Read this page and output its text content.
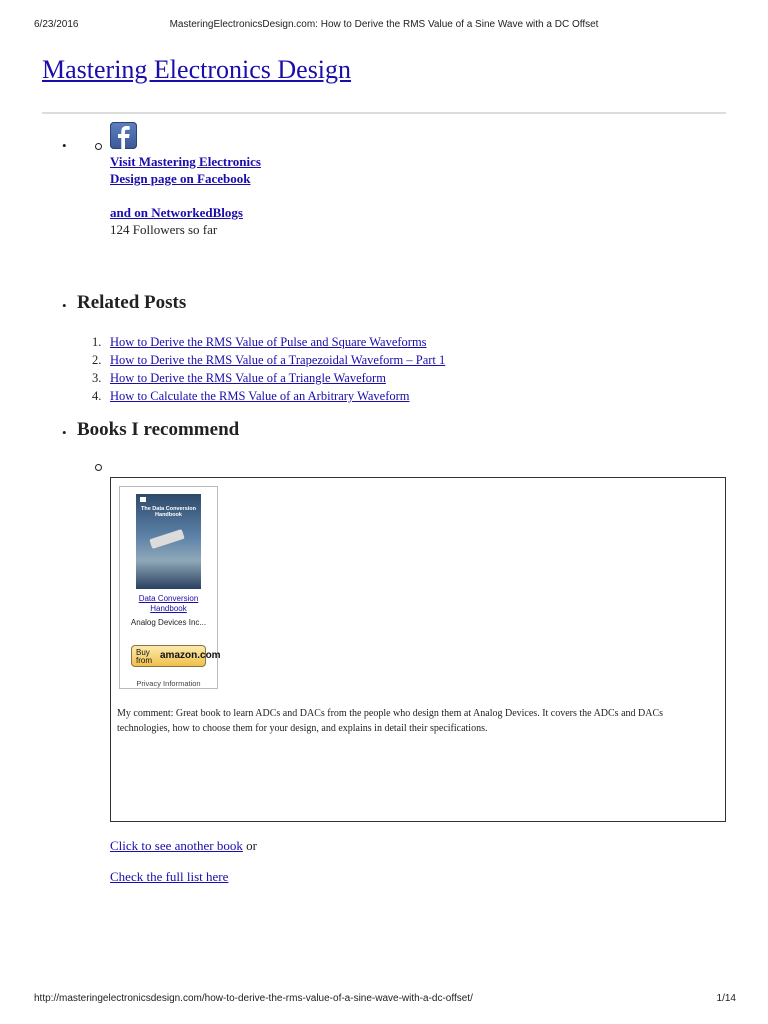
6/23/2016	MasteringElectronicsDesign.com: How to Derive the RMS Value of a Sine Wave with a DC Offset
Mastering Electronics Design
•
Visit Mastering Electronics Design page on Facebook
and on NetworkedBlogs
124 Followers so far
• Related Posts
1. How to Derive the RMS Value of Pulse and Square Waveforms
2. How to Derive the RMS Value of a Trapezoidal Waveform – Part 1
3. How to Derive the RMS Value of a Triangle Waveform
4. How to Calculate the RMS Value of an Arbitrary Waveform
• Books I recommend
The Data Conversion Handbook
Data Conversion Handbook
Analog Devices Inc...
Buy
from amazon.com
Privacy Information
My comment: Great book to learn ADCs and DACs from the people who design them at Analog Devices. It covers the ADCs and DACs technologies, how to choose them for your design, and explains in detail their specifications.
Click to see another book or
Check the full list here
http://masteringelectronicsdesign.com/how-to-derive-the-rms-value-of-a-sine-wave-with-a-dc-offset/	1/14
